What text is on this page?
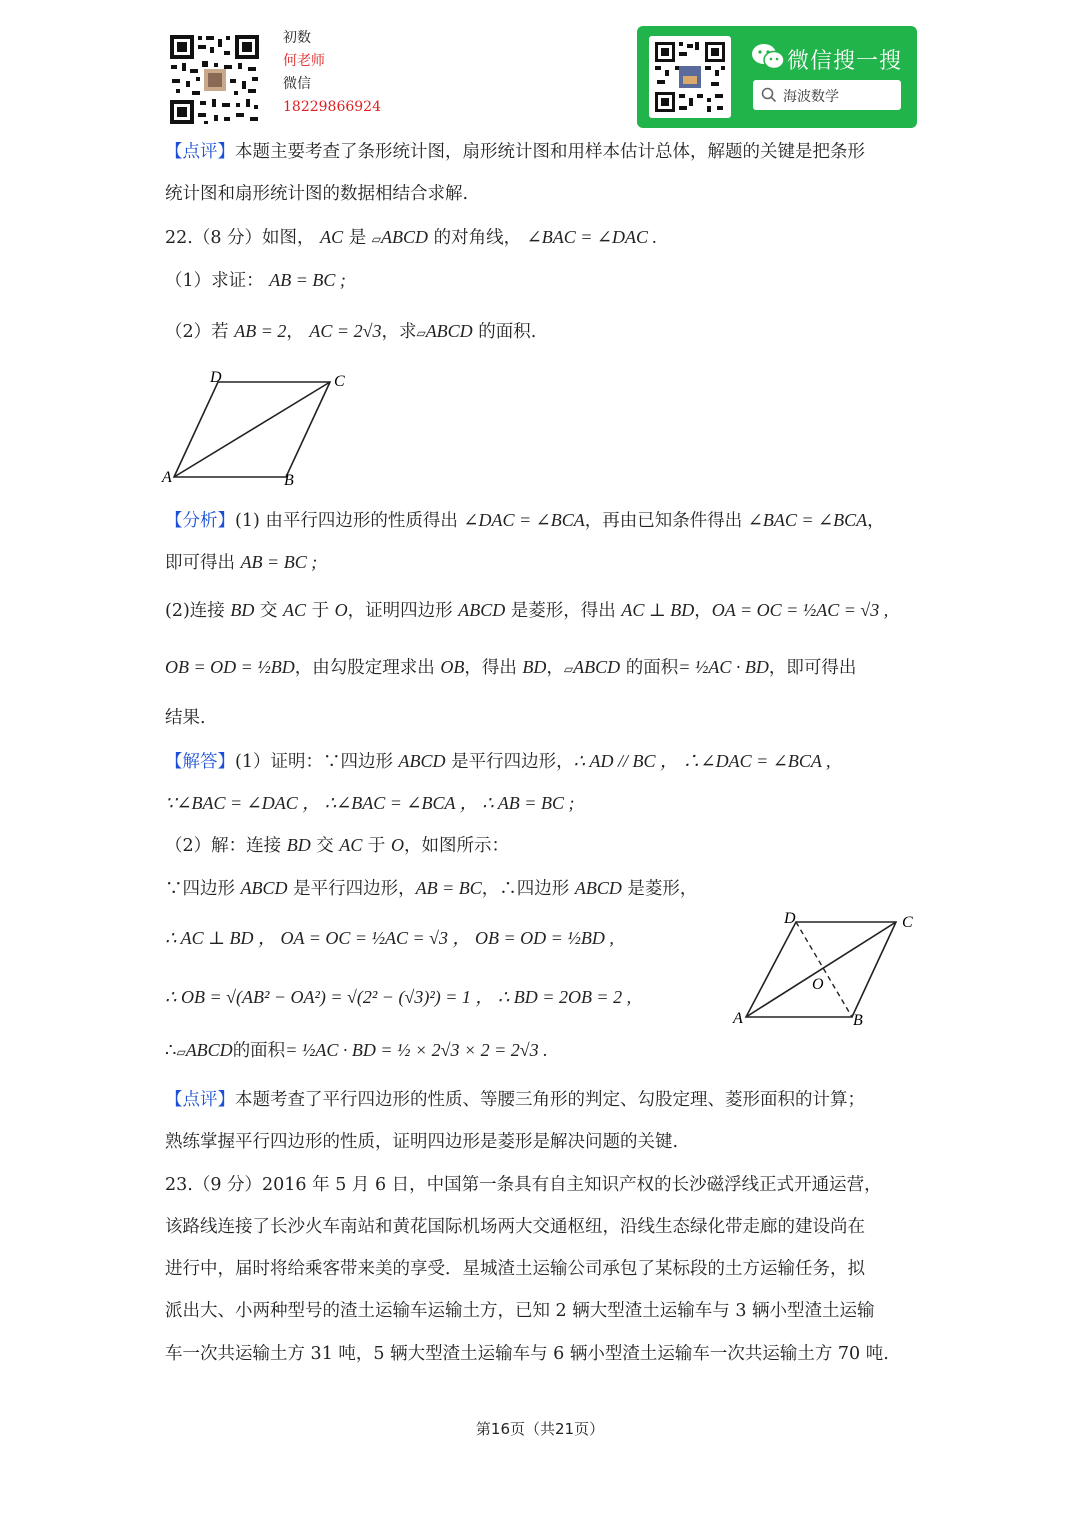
初数
何老师
微信
18229866924
微信搜一搜
海波数学
【点评】本题主要考查了条形统计图，扇形统计图和用样本估计总体，解题的关键是把条形
统计图和扇形统计图的数据相结合求解.
22.（8 分）如图， AC 是 ▱ABCD 的对角线， ∠BAC = ∠DAC .
（1）求证： AB = BC ;
（2）若 AB = 2， AC = 2√3，求▱ABCD 的面积.
D	C
A	B
【分析】(1) 由平行四边形的性质得出 ∠DAC = ∠BCA，再由已知条件得出 ∠BAC = ∠BCA，
即可得出 AB = BC ;
(2)连接 BD 交 AC 于 O，证明四边形 ABCD 是菱形，得出 AC ⊥ BD，OA = OC = ½AC = √3 ,
OB = OD = ½BD，由勾股定理求出 OB，得出 BD，▱ABCD 的面积= ½AC · BD，即可得出
结果.
【解答】(1）证明：∵四边形 ABCD 是平行四边形，∴ AD // BC ， ∴∠DAC = ∠BCA ,
∵∠BAC = ∠DAC ， ∴∠BAC = ∠BCA ， ∴ AB = BC ;
（2）解：连接 BD 交 AC 于 O，如图所示：
∵四边形 ABCD 是平行四边形，AB = BC，∴四边形 ABCD 是菱形，
∴ AC ⊥ BD ， OA = OC = ½AC = √3 ， OB = OD = ½BD ,
∴ OB = √(AB² − OA²) = √(2² − (√3)²) = 1 ， ∴ BD = 2OB = 2 ,
∴▱ABCD的面积= ½AC · BD = ½ × 2√3 × 2 = 2√3 .
D	C
O
A	B
【点评】本题考查了平行四边形的性质、等腰三角形的判定、勾股定理、菱形面积的计算；
熟练掌握平行四边形的性质，证明四边形是菱形是解决问题的关键.
23.（9 分）2016 年 5 月 6 日，中国第一条具有自主知识产权的长沙磁浮线正式开通运营，
该路线连接了长沙火车南站和黄花国际机场两大交通枢纽，沿线生态绿化带走廊的建设尚在
进行中，届时将给乘客带来美的享受．星城渣土运输公司承包了某标段的土方运输任务，拟
派出大、小两种型号的渣土运输车运输土方，已知 2 辆大型渣土运输车与 3 辆小型渣土运输
车一次共运输土方 31 吨，5 辆大型渣土运输车与 6 辆小型渣土运输车一次共运输土方 70 吨.
第16页（共21页）
